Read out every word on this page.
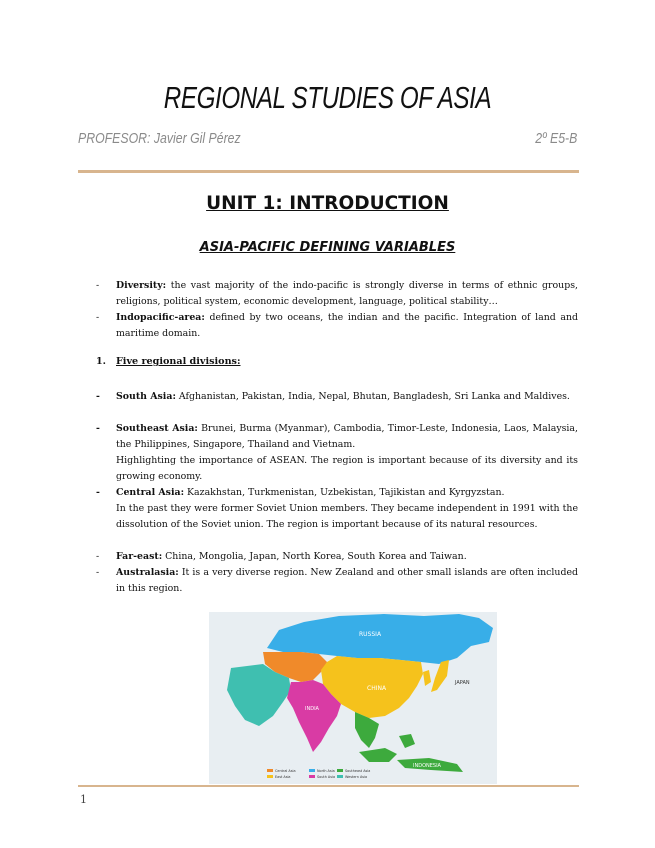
REGIONAL STUDIES OF ASIA
PROFESOR: Javier Gil Pérez	2º E5-B
UNIT 1: INTRODUCTION
ASIA-PACIFIC DEFINING VARIABLES
-	Diversity: the vast majority of the indo-pacific is strongly diverse in terms of ethnic groups, religions, political system, economic development, language, political stability…
-	Indopacific-area: defined by two oceans, the indian and the pacific. Integration of land and maritime domain.
1. Five regional divisions:
-	South Asia: Afghanistan, Pakistan, India, Nepal, Bhutan, Bangladesh, Sri Lanka and Maldives.
-	Southeast Asia: Brunei, Burma (Myanmar), Cambodia, Timor-Leste, Indonesia, Laos, Malaysia, the Philippines, Singapore, Thailand and Vietnam.
Highlighting the importance of ASEAN. The region is important because of its diversity and its growing economy.
-	Central Asia: Kazakhstan, Turkmenistan, Uzbekistan, Tajikistan and Kyrgyzstan.
In the past they were former Soviet Union members. They became independent in 1991 with the dissolution of the Soviet union. The region is important because of its natural resources.
-	Far-east: China, Mongolia, Japan, North Korea, South Korea and Taiwan.
-	Australasia: It is a very diverse region. New Zealand and other small islands are often included in this region.
RUSSIA
CHINA
INDIA
JAPAN
INDONESIA
Central Asia	North Asia	Southeast Asia
East Asia	South Asia	Western Asia
1
